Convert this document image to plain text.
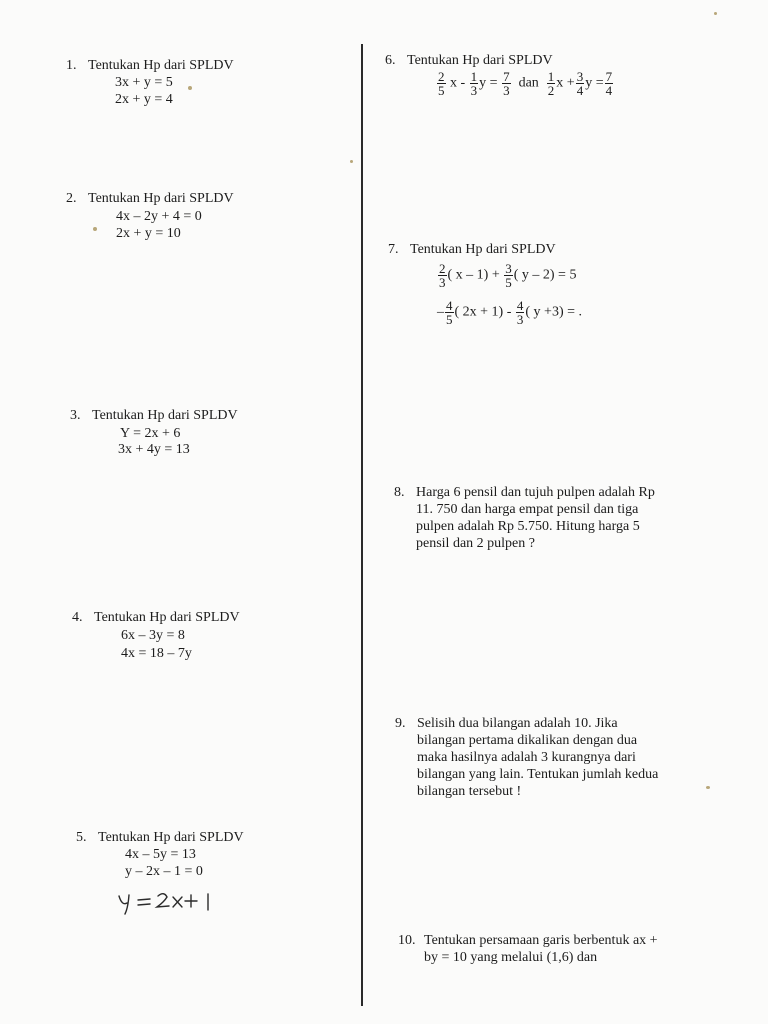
1. Tentukan Hp dari SPLDV
3x + y = 5
2x + y = 4
2. Tentukan Hp dari SPLDV
4x – 2y + 4 = 0
2x + y = 10
3. Tentukan Hp dari SPLDV
Y = 2x + 6
3x + 4y = 13
4. Tentukan Hp dari SPLDV
6x – 3y = 8
4x = 18 – 7y
5. Tentukan Hp dari SPLDV
4x – 5y = 13
y – 2x – 1 = 0
6. Tentukan Hp dari SPLDV
$\frac{2}{5}$ x - $\frac{1}{3}$ $y = \frac{7}{3}$ dan $\frac{1}{2}$ $x + \frac{3}{4}$ $y = \frac{7}{4}$
7. Tentukan Hp dari SPLDV
$\frac{2}{3}$ ( $x - 1) + \frac{3}{5}$ ( y – 2) = 5
– $\frac{4}{5}$ ( $2x + 1) - \frac{4}{3}$ ( y +3) = .
8. Harga 6 pensil dan tujuh pulpen adalah Rp 11. 750 dan harga empat pensil dan tiga pulpen adalah Rp 5.750. Hitung harga 5 pensil dan 2 pulpen ?
9. Selisih dua bilangan adalah 10. Jika bilangan pertama dikalikan dengan dua maka hasilnya adalah 3 kurangnya dari bilangan yang lain. Tentukan jumlah kedua bilangan tersebut !
10. Tentukan persamaan garis berbentuk ax + by = 10 yang melalui (1,6) dan
